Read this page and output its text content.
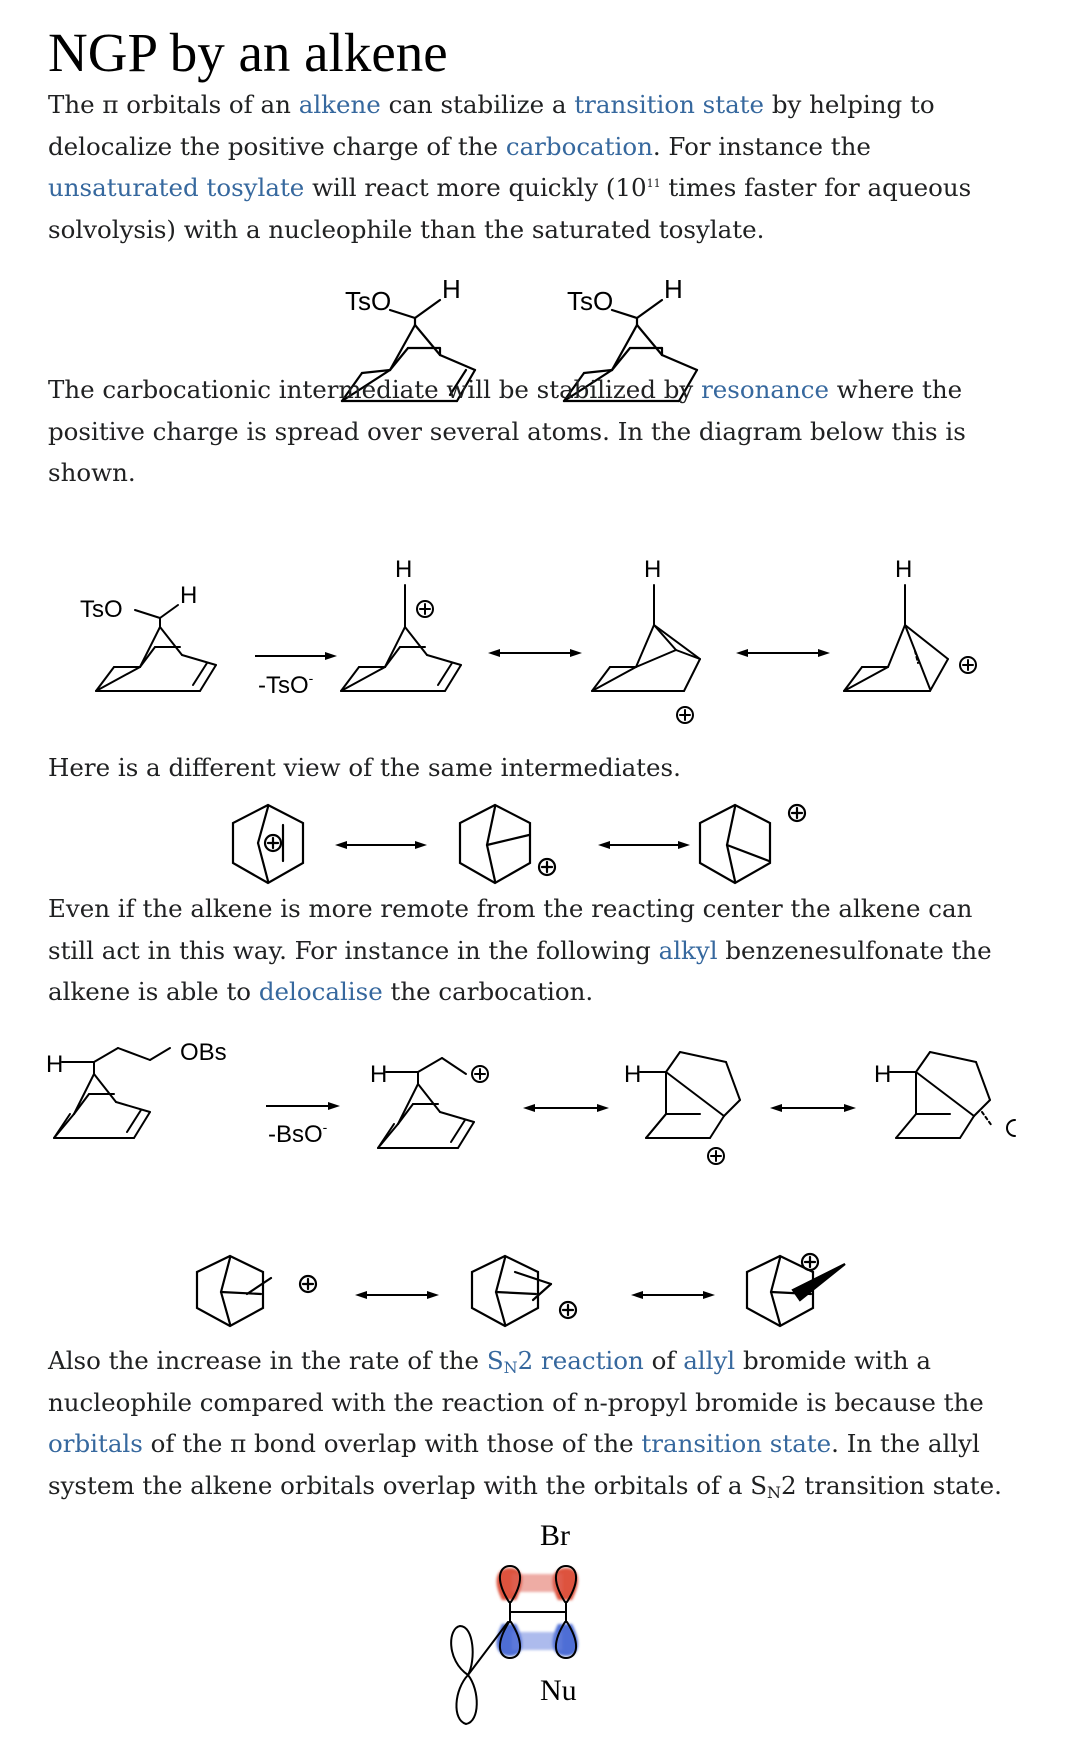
NGP by an alkene

The π orbitals of an alkene can stabilize a transition state by helping to delocalize the positive charge of the carbocation. For instance the unsaturated tosylate will react more quickly ($10^{11}$ times faster for aqueous solvolysis) with a nucleophile than the saturated tosylate.

TsO H	TsO H

The carbocationic intermediate will be stabilized by resonance where the positive charge is spread over several atoms. In the diagram below this is shown.

TsO
H
-TsO-
H	H	H

Here is a different view of the same intermediates.

Even if the alkene is more remote from the reacting center the alkene can still act in this way. For instance in the following alkyl benzenesulfonate the alkene is able to delocalise the carbocation.

H	OBs
-BsO-
H	H	H

Also the increase in the rate of the $S_N2$ reaction of allyl bromide with a nucleophile compared with the reaction of n-propyl bromide is because the orbitals of the π bond overlap with those of the transition state. In the allyl system the alkene orbitals overlap with the orbitals of a $S_N2$ transition state.

Br
Nu
